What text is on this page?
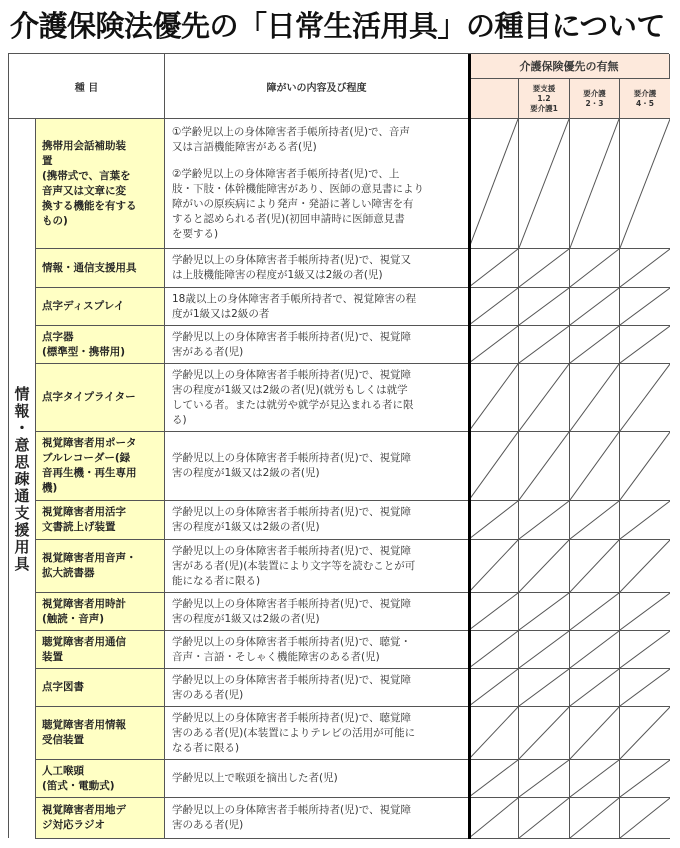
介護保険法優先の「日常生活用具」の種目について
種 目	障がいの内容及び程度
介護保険優先の有無
要支援
1.2
要介護1
要介護
2・3
要介護
4・5
情報・意思疎通支援用具
携帯用会話補助装
置
(携帯式で、言葉を
音声又は文章に変
換する機能を有する
もの)
①学齢児以上の身体障害者手帳所持者(児)で、音声
又は言語機能障害がある者(児)
②学齢児以上の身体障害者手帳所持者(児)で、上
肢・下肢・体幹機能障害があり、医師の意見書により
障がいの原疾病により発声・発語に著しい障害を有
すると認められる者(児)(初回申請時に医師意見書
を要する)
情報・通信支援用具
学齢児以上の身体障害者手帳所持者(児)で、視覚又
は上肢機能障害の程度が1級又は2級の者(児)
点字ディスプレイ
18歳以上の身体障害者手帳所持者で、視覚障害の程
度が1級又は2級の者
点字器
(標準型・携帯用)
学齢児以上の身体障害者手帳所持者(児)で、視覚障
害がある者(児)
点字タイプライター
学齢児以上の身体障害者手帳所持者(児)で、視覚障
害の程度が1級又は2級の者(児)(就労もしくは就学
している者。または就労や就学が見込まれる者に限
る)
視覚障害者用ポータ
ブルレコーダー(録
音再生機・再生専用
機)
学齢児以上の身体障害者手帳所持者(児)で、視覚障
害の程度が1級又は2級の者(児)
視覚障害者用活字
文書読上げ装置
学齢児以上の身体障害者手帳所持者(児)で、視覚障
害の程度が1級又は2級の者(児)
視覚障害者用音声・
拡大読書器
学齢児以上の身体障害者手帳所持者(児)で、視覚障
害がある者(児)(本装置により文字等を読むことが可
能になる者に限る)
視覚障害者用時計
(触読・音声)
学齢児以上の身体障害者手帳所持者(児)で、視覚障
害の程度が1級又は2級の者(児)
聴覚障害者用通信
装置
学齢児以上の身体障害者手帳所持者(児)で、聴覚・
音声・言語・そしゃく機能障害のある者(児)
点字図書
学齢児以上の身体障害者手帳所持者(児)で、視覚障
害のある者(児)
聴覚障害者用情報
受信装置
学齢児以上の身体障害者手帳所持者(児)で、聴覚障
害のある者(児)(本装置によりテレビの活用が可能に
なる者に限る)
人工喉頭
(笛式・電動式)
学齢児以上で喉頭を摘出した者(児)
視覚障害者用地デ
ジ対応ラジオ
学齢児以上の身体障害者手帳所持者(児)で、視覚障
害のある者(児)
